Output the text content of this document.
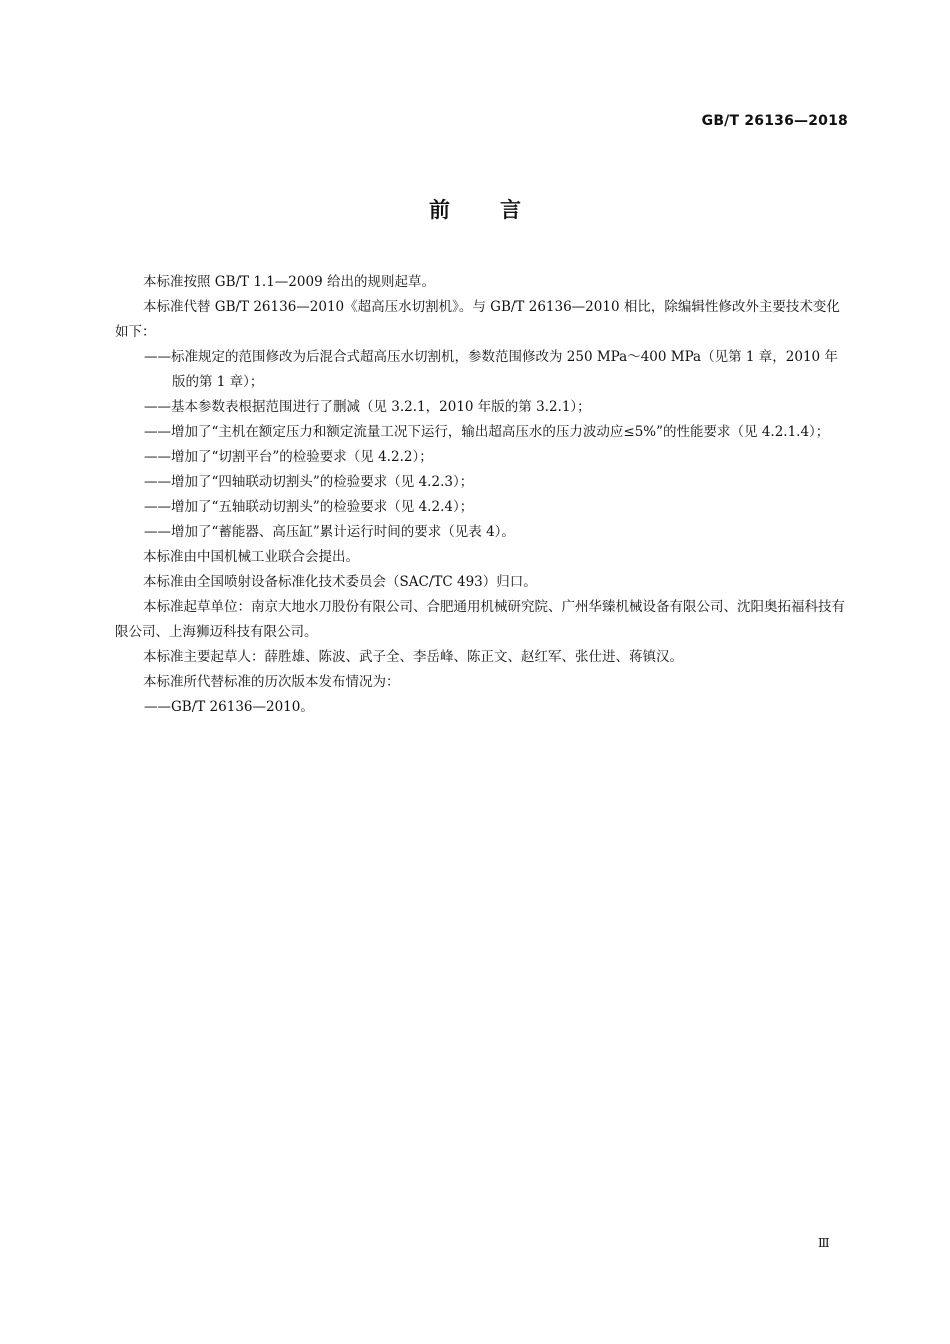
GB/T 26136—2018
前 言

本标准按照 GB/T 1.1—2009 给出的规则起草。

本标准代替 GB/T 26136—2010《超高压水切割机》。与 GB/T 26136—2010 相比，除编辑性修改外主要技术变化如下：

——标准规定的范围修改为后混合式超高压水切割机，参数范围修改为 250 MPa～400 MPa（见第 1 章，2010 年版的第 1 章）；

——基本参数表根据范围进行了删减（见 3.2.1，2010 年版的第 3.2.1）；

——增加了“主机在额定压力和额定流量工况下运行，输出超高压水的压力波动应≤5%”的性能要求（见 4.2.1.4）；

——增加了“切割平台”的检验要求（见 4.2.2）；

——增加了“四轴联动切割头”的检验要求（见 4.2.3）；

——增加了“五轴联动切割头”的检验要求（见 4.2.4）；

——增加了“蓄能器、高压缸”累计运行时间的要求（见表 4）。

本标准由中国机械工业联合会提出。

本标准由全国喷射设备标准化技术委员会（SAC/TC 493）归口。

本标准起草单位：南京大地水刀股份有限公司、合肥通用机械研究院、广州华臻机械设备有限公司、沈阳奥拓福科技有限公司、上海狮迈科技有限公司。

本标准主要起草人：薛胜雄、陈波、武子全、李岳峰、陈正文、赵红军、张仕进、蒋镇汉。

本标准所代替标准的历次版本发布情况为：

——GB/T 26136—2010。

Ⅲ
